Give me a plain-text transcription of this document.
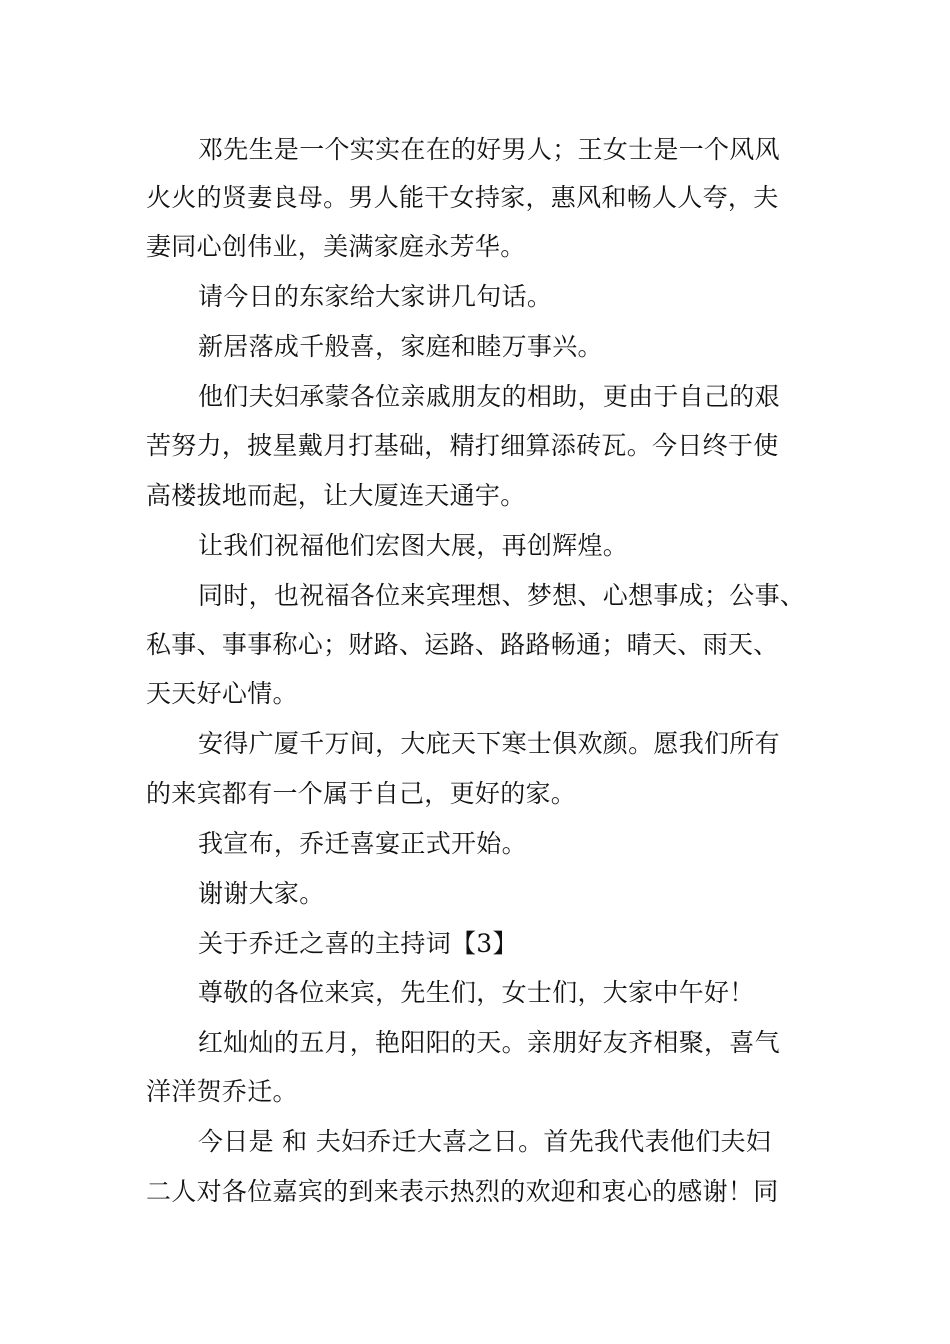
邓先生是一个实实在在的好男人；王女士是一个风风
火火的贤妻良母。男人能干女持家，惠风和畅人人夸，夫
妻同心创伟业，美满家庭永芳华。
请今日的东家给大家讲几句话。
新居落成千般喜，家庭和睦万事兴。
他们夫妇承蒙各位亲戚朋友的相助，更由于自己的艰
苦努力，披星戴月打基础，精打细算添砖瓦。今日终于使
高楼拔地而起，让大厦连天通宇。
让我们祝福他们宏图大展，再创辉煌。
同时，也祝福各位来宾理想、梦想、心想事成；公事、
私事、事事称心；财路、运路、路路畅通；晴天、雨天、
天天好心情。
安得广厦千万间，大庇天下寒士俱欢颜。愿我们所有
的来宾都有一个属于自己，更好的家。
我宣布，乔迁喜宴正式开始。
谢谢大家。
关于乔迁之喜的主持词【3】
尊敬的各位来宾，先生们，女士们，大家中午好！
红灿灿的五月，艳阳阳的天。亲朋好友齐相聚，喜气
洋洋贺乔迁。
今日是 和 夫妇乔迁大喜之日。首先我代表他们夫妇
二人对各位嘉宾的到来表示热烈的欢迎和衷心的感谢！同
